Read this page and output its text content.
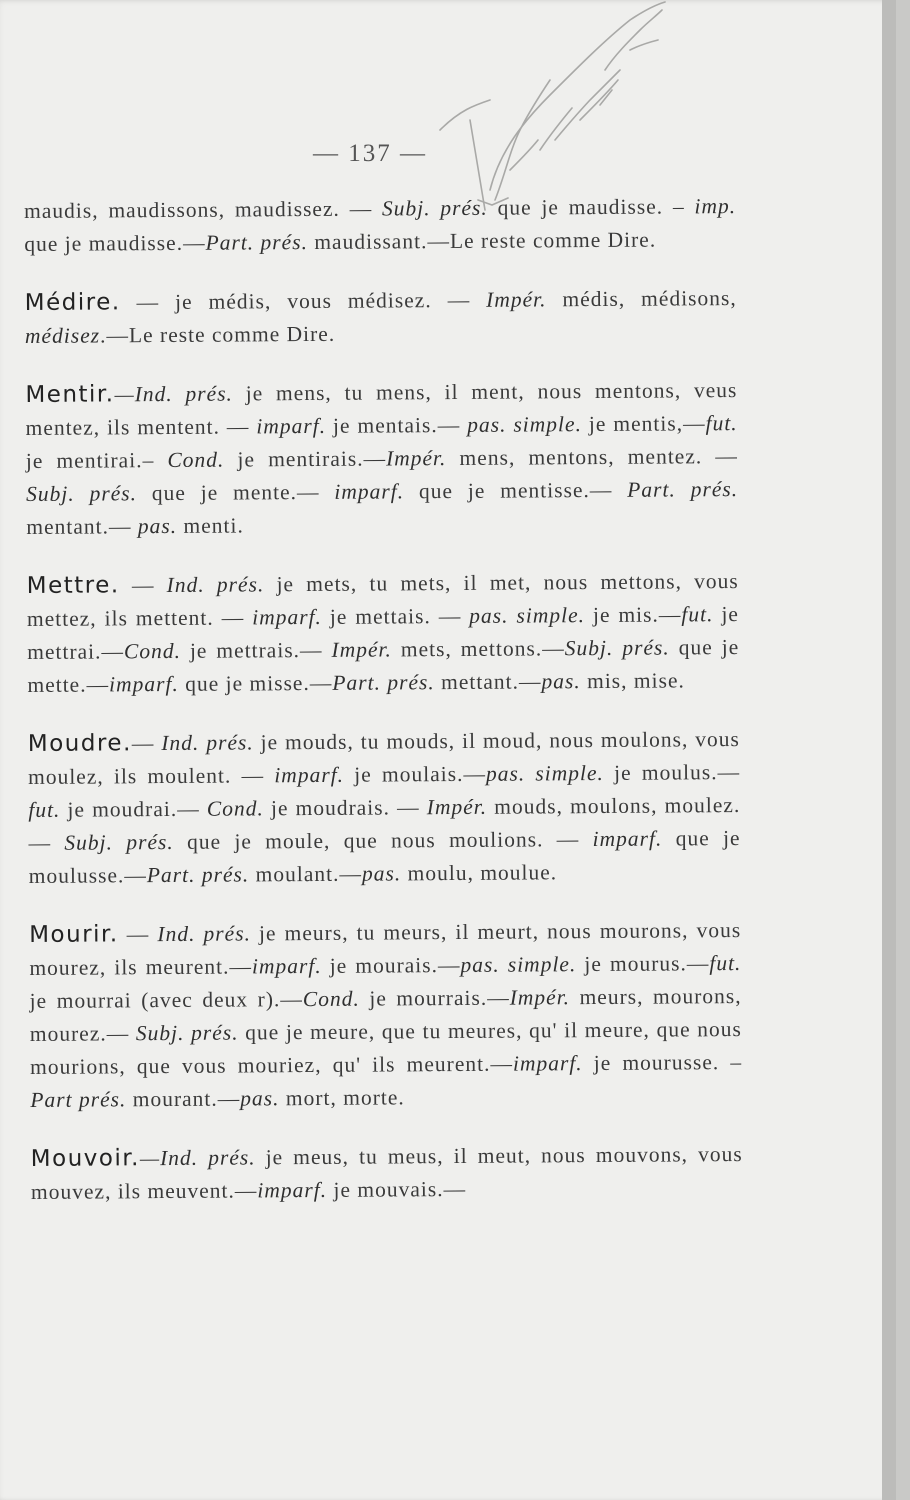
— 137 —

maudis, maudissons, maudissez. — Subj. prés. que je maudisse. – imp. que je maudisse.—Part. prés. maudissant.—Le reste comme Dire.

Médire. — je médis, vous médisez. — Impér. médis, médisons, médisez.—Le reste comme Dire.

Mentir.—Ind. prés. je mens, tu mens, il ment, nous mentons, veus mentez, ils mentent. — imparf. je mentais.— pas. simple. je mentis,—fut. je mentirai.– Cond. je mentirais.—Impér. mens, mentons, mentez. — Subj. prés. que je mente.— imparf. que je mentisse.— Part. prés. mentant.— pas. menti.

Mettre. — Ind. prés. je mets, tu mets, il met, nous mettons, vous mettez, ils mettent. — imparf. je mettais. — pas. simple. je mis.—fut. je mettrai.—Cond. je mettrais.— Impér. mets, mettons.—Subj. prés. que je mette.—imparf. que je misse.—Part. prés. mettant.—pas. mis, mise.

Moudre.— Ind. prés. je mouds, tu mouds, il moud, nous moulons, vous moulez, ils moulent. — imparf. je moulais.—pas. simple. je moulus.— fut. je moudrai.— Cond. je moudrais. — Impér. mouds, moulons, moulez. — Subj. prés. que je moule, que nous moulions. — imparf. que je moulusse.—Part. prés. moulant.—pas. moulu, moulue.

Mourir. — Ind. prés. je meurs, tu meurs, il meurt, nous mourons, vous mourez, ils meurent.—imparf. je mourais.—pas. simple. je mourus.—fut. je mourrai (avec deux r).—Cond. je mourrais.—Impér. meurs, mourons, mourez.— Subj. prés. que je meure, que tu meures, qu' il meure, que nous mourions, que vous mouriez, qu' ils meurent.—imparf. je mourusse. – Part prés. mourant.—pas. mort, morte.

Mouvoir.—Ind. prés. je meus, tu meus, il meut, nous mouvons, vous mouvez, ils meuvent.—imparf. je mouvais.—
